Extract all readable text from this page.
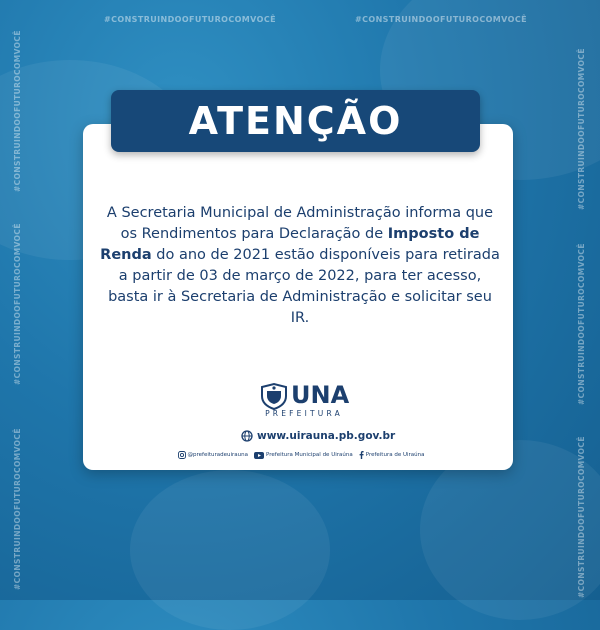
#CONSTRUINDOOFUTUROCOMVOCÊ	#CONSTRUINDOOFUTUROCOMVOCÊ
#CONSTRUINDOOFUTUROCOMVOCÊ
#CONSTRUINDOOFUTUROCOMVOCÊ
#CONSTRUINDOOFUTUROCOMVOCÊ
#CONSTRUINDOOFUTUROCOMVOCÊ
#CONSTRUINDOOFUTUROCOMVOCÊ
#CONSTRUINDOOFUTUROCOMVOCÊ
ATENÇÃO
A Secretaria Municipal de Administração informa que os Rendimentos para Declaração de Imposto de Renda do ano de 2021 estão disponíveis para retirada a partir de 03 de março de 2022, para ter acesso, basta ir à Secretaria de Administração e solicitar seu IR.
UNA
PREFEITURA
www.uirauna.pb.gov.br
@prefeituradeuirauna	Prefeitura Municipal de Uiraúna Prefeitura de Uiraúna
